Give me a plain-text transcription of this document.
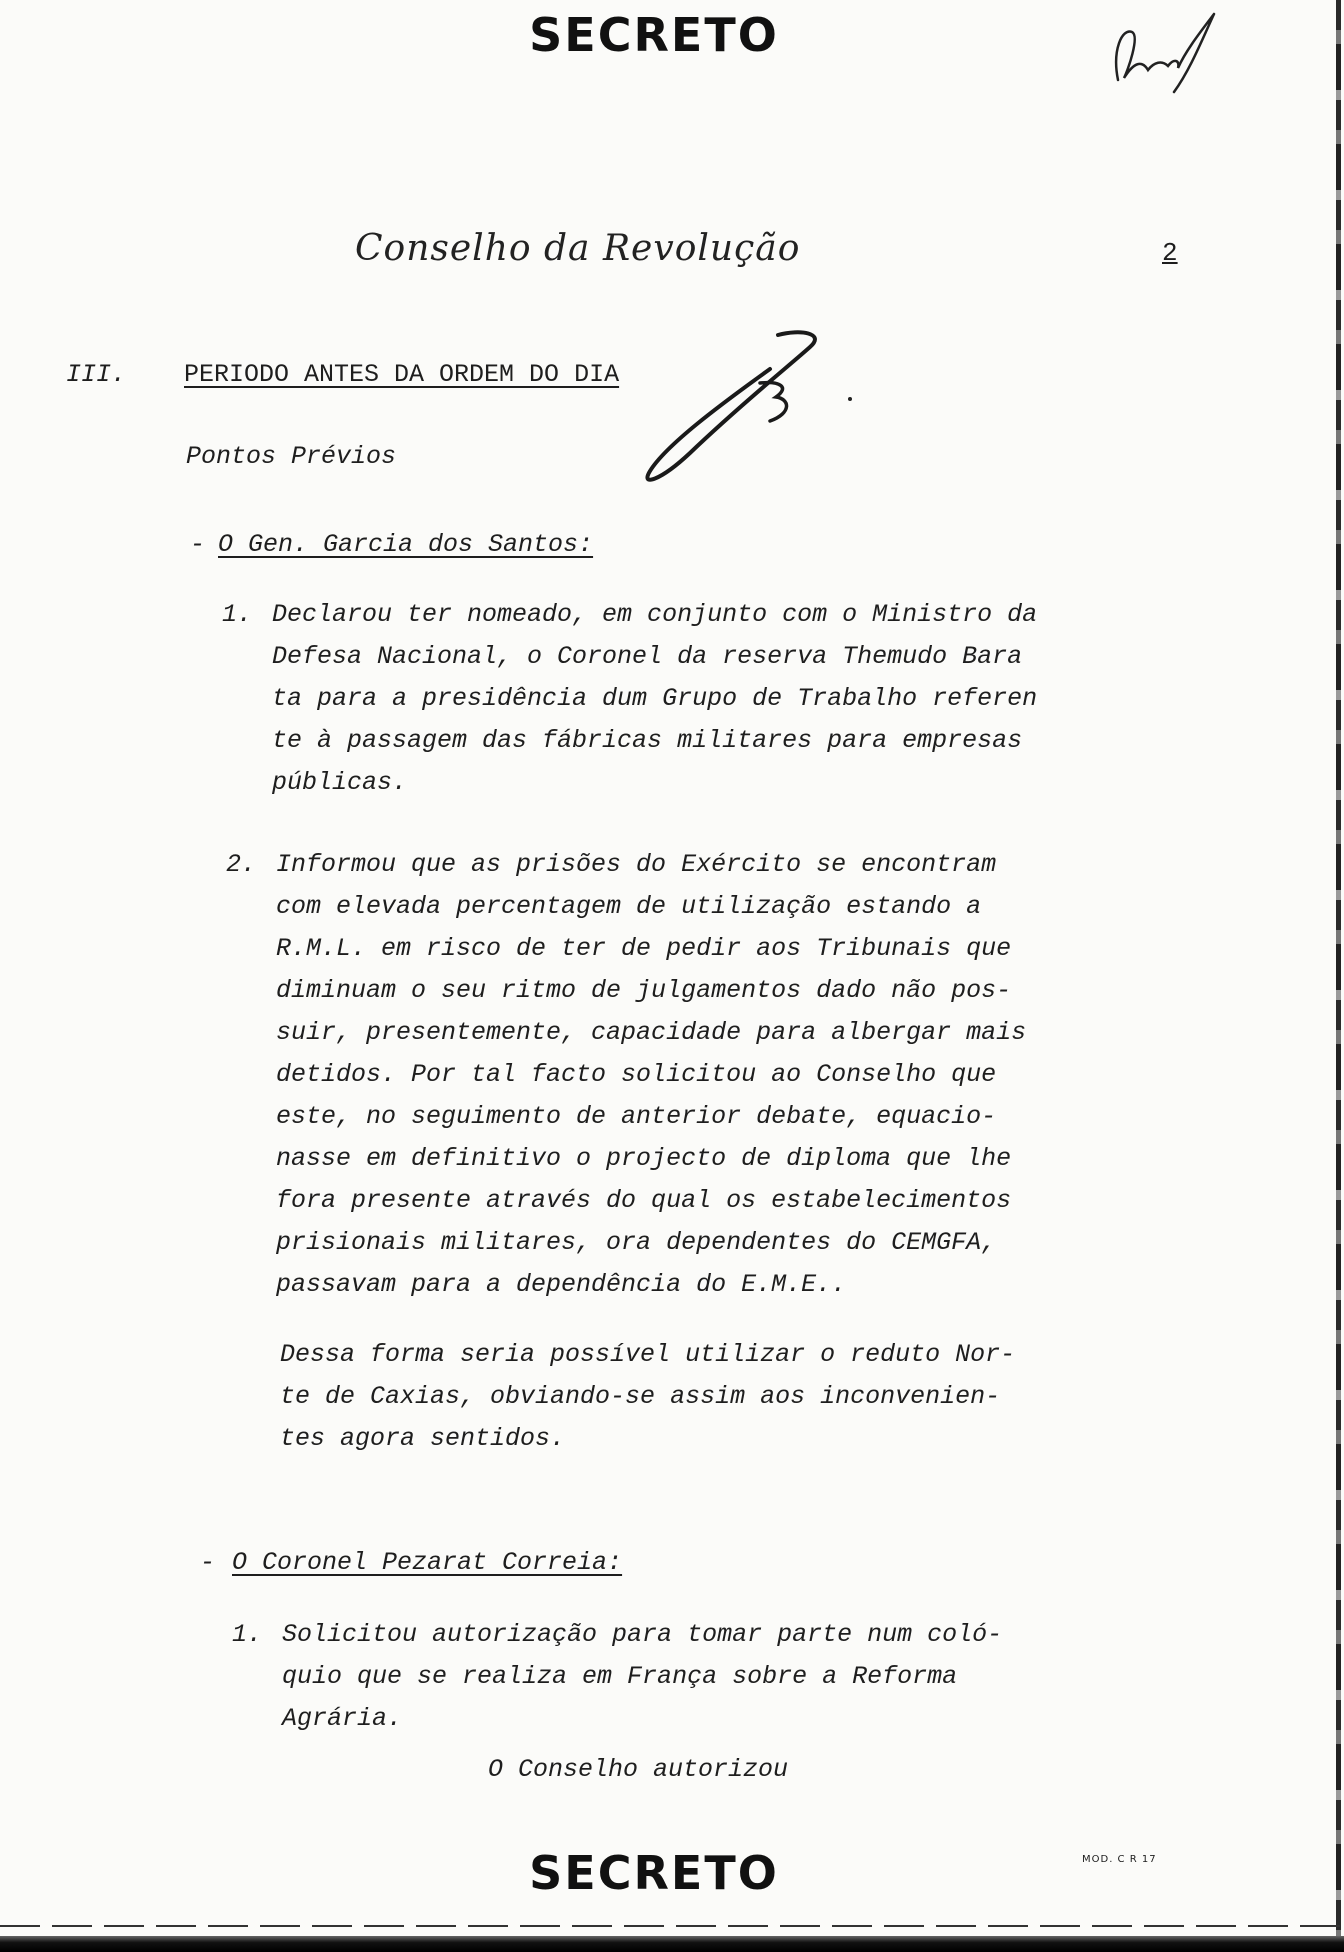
SECRETO
Conselho da Revolução	2
III. PERIODO ANTES DA ORDEM DO DIA
Pontos Prévios
- O Gen. Garcia dos Santos:
1. Declarou ter nomeado, em conjunto com o Ministro da
Defesa Nacional, o Coronel da reserva Themudo Bara
ta para a presidência dum Grupo de Trabalho referen
te à passagem das fábricas militares para empresas
públicas.
2. Informou que as prisões do Exército se encontram
com elevada percentagem de utilização estando a
R.M.L. em risco de ter de pedir aos Tribunais que
diminuam o seu ritmo de julgamentos dado não pos-
suir, presentemente, capacidade para albergar mais
detidos. Por tal facto solicitou ao Conselho que
este, no seguimento de anterior debate, equacio-
nasse em definitivo o projecto de diploma que lhe
fora presente através do qual os estabelecimentos
prisionais militares, ora dependentes do CEMGFA,
passavam para a dependência do E.M.E..
Dessa forma seria possível utilizar o reduto Nor-
te de Caxias, obviando-se assim aos inconvenien-
tes agora sentidos.
- O Coronel Pezarat Correia:
1. Solicitou autorização para tomar parte num coló-
quio que se realiza em França sobre a Reforma
Agrária.
O Conselho autorizou
SECRETO	MOD. C R 17
